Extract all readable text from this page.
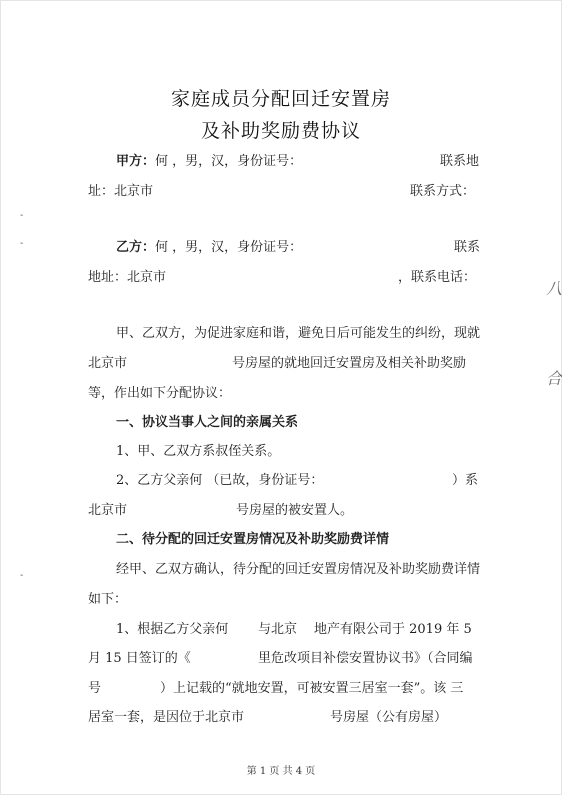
家庭成员分配回迁安置房
及补助奖励费协议
甲方： 何 ，男，汉，身份证号：	联系地
址：北京市	联系方式：
乙方： 何 ，男，汉，身份证号：	联系
地址：北京市	，联系电话：
甲、乙双方，为促进家庭和谐，避免日后可能发生的纠纷，现就
北京市	号房屋的就地回迁安置房及相关补助奖励
等，作出如下分配协议：
一、协议当事人之间的亲属关系
1、甲、乙双方系叔侄关系。
2、乙方父亲何 （已故，身份证号：	）系
北京市	号房屋的被安置人。
二、待分配的回迁安置房情况及补助奖励费详情
经甲、乙双方确认，待分配的回迁安置房情况及补助奖励费详情
如下：
1、根据乙方父亲何 与北京 地产有限公司于 2019 年 5
月 15 日签订的《	里危改项目补偿安置协议书》（合同编
号	）上记载的“就地安置，可被安置三居室一套”。该 三
居室一套，是因位于北京市	号房屋（公有房屋）
-
-
-
八
合
第 1 页 共 4 页
